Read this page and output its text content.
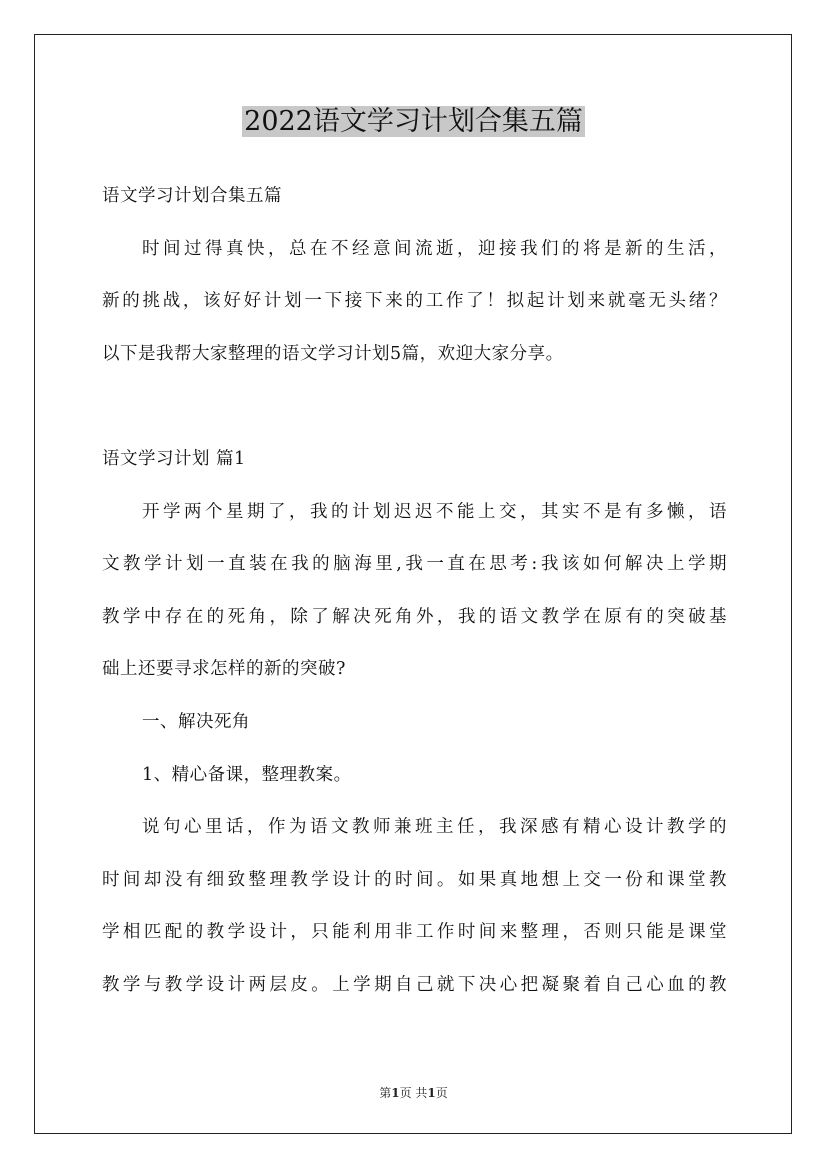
2022语文学习计划合集五篇
语文学习计划合集五篇
时间过得真快，总在不经意间流逝，迎接我们的将是新的生活，
新的挑战，该好好计划一下接下来的工作了！拟起计划来就毫无头绪？
以下是我帮大家整理的语文学习计划5篇，欢迎大家分享。
语文学习计划 篇1
开学两个星期了，我的计划迟迟不能上交，其实不是有多懒，语
文教学计划一直装在我的脑海里,我一直在思考:我该如何解决上学期
教学中存在的死角，除了解决死角外，我的语文教学在原有的突破基
础上还要寻求怎样的新的突破?
一、解决死角
1、精心备课，整理教案。
说句心里话，作为语文教师兼班主任，我深感有精心设计教学的
时间却没有细致整理教学设计的时间。如果真地想上交一份和课堂教
学相匹配的教学设计，只能利用非工作时间来整理，否则只能是课堂
教学与教学设计两层皮。上学期自己就下决心把凝聚着自己心血的教
第1页 共1页
